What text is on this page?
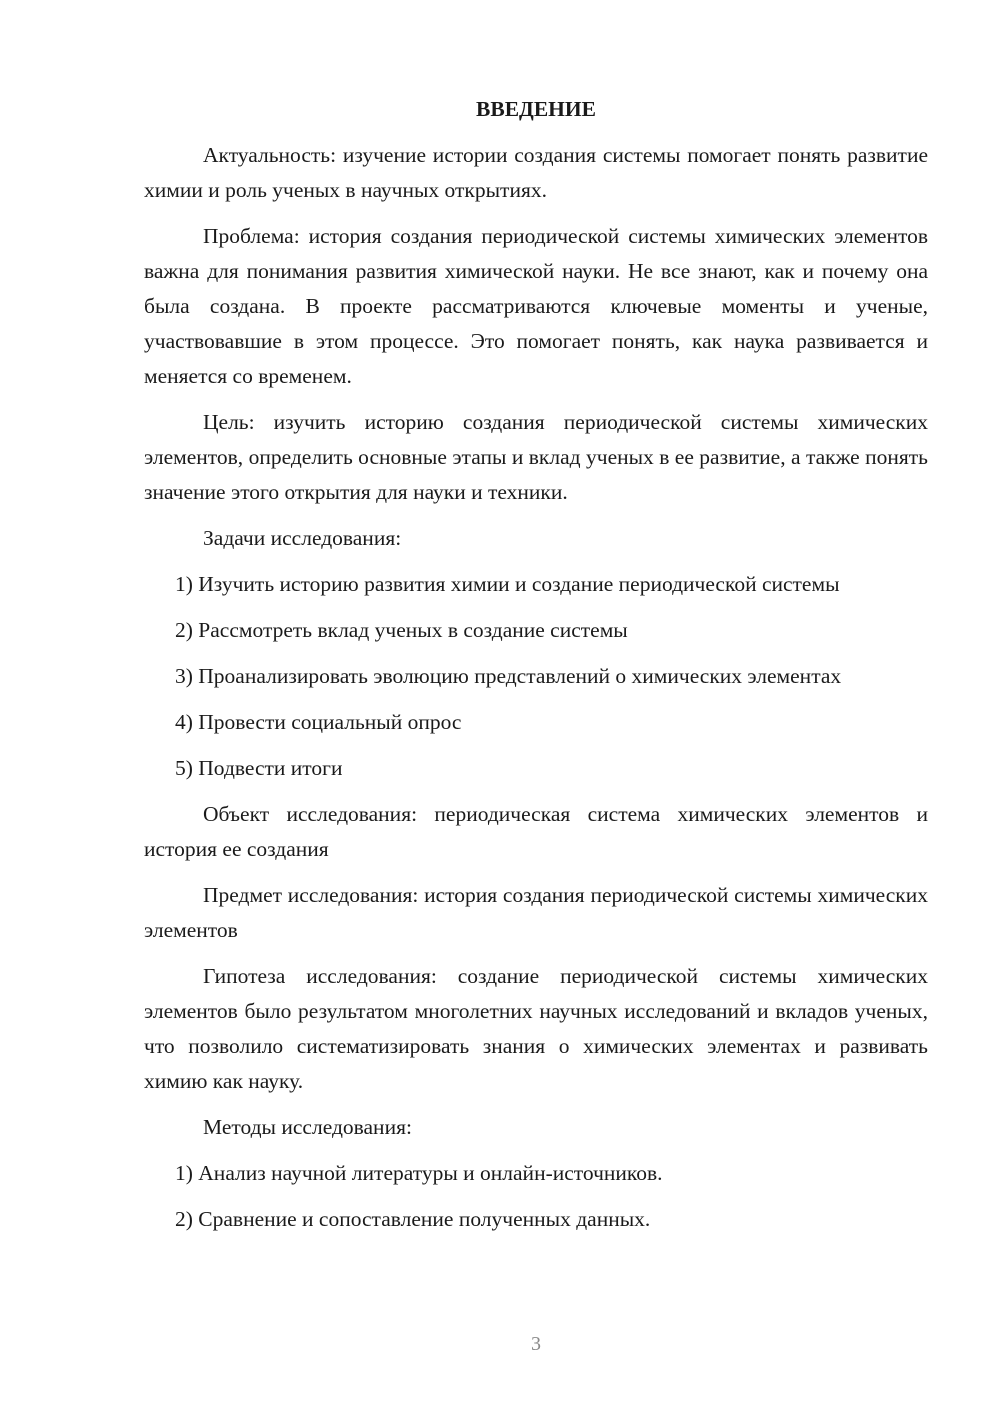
ВВЕДЕНИЕ
Актуальность: изучение истории создания системы помогает понять развитие химии и роль ученых в научных открытиях.
Проблема: история создания периодической системы химических элементов важна для понимания развития химической науки. Не все знают, как и почему она была создана. В проекте рассматриваются ключевые моменты и ученые, участвовавшие в этом процессе. Это помогает понять, как наука развивается и меняется со временем.
Цель: изучить историю создания периодической системы химических элементов, определить основные этапы и вклад ученых в ее развитие, а также понять значение этого открытия для науки и техники.
Задачи исследования:
1) Изучить историю развития химии и создание периодической системы
2) Рассмотреть вклад ученых в создание системы
3) Проанализировать эволюцию представлений о химических элементах
4) Провести социальный опрос
5) Подвести итоги
Объект исследования: периодическая система химических элементов и история ее создания
Предмет исследования: история создания периодической системы химических элементов
Гипотеза исследования: создание периодической системы химических элементов было результатом многолетних научных исследований и вкладов ученых, что позволило систематизировать знания о химических элементах и развивать химию как науку.
Методы исследования:
1) Анализ научной литературы и онлайн-источников.
2) Сравнение и сопоставление полученных данных.
3
